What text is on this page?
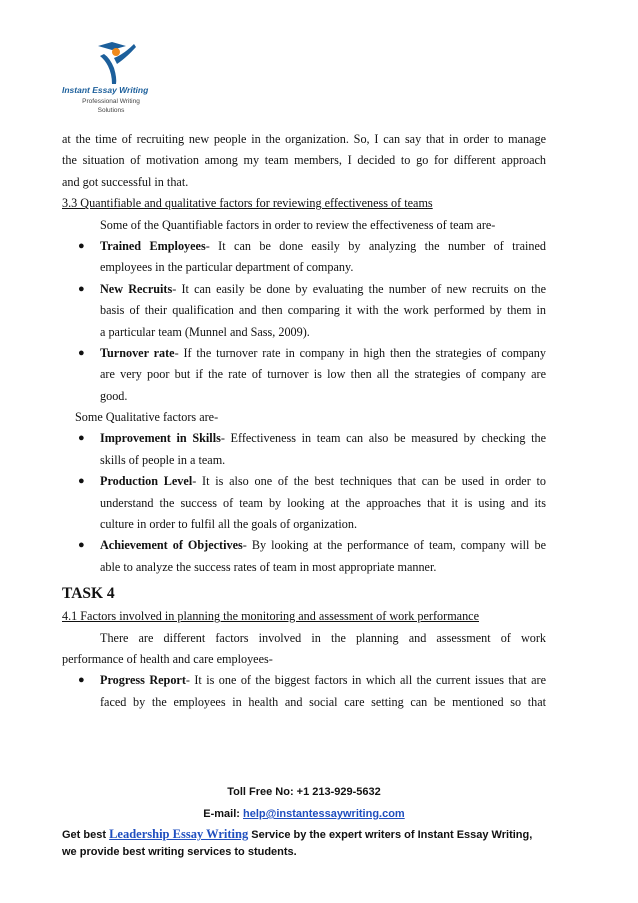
Instant Essay Writing
Professional Writing
Solutions
at the time of recruiting new people in the organization. So, I can say that in order to manage
the situation of motivation among my team members, I decided to go for different approach
and got successful in that.
3.3 Quantifiable and qualitative factors for reviewing effectiveness of teams
Some of the Quantifiable factors in order to review the effectiveness of team are-
● Trained Employees- It can be done easily by analyzing the number of trained
employees in the particular department of company.
● New Recruits- It can easily be done by evaluating the number of new recruits on the
basis of their qualification and then comparing it with the work performed by them in
a particular team (Munnel and Sass, 2009).
● Turnover rate- If the turnover rate in company in high then the strategies of company
are very poor but if the rate of turnover is low then all the strategies of company are
good.
Some Qualitative factors are-
● Improvement in Skills- Effectiveness in team can also be measured by checking the
skills of people in a team.
● Production Level- It is also one of the best techniques that can be used in order to
understand the success of team by looking at the approaches that it is using and its
culture in order to fulfil all the goals of organization.
● Achievement of Objectives- By looking at the performance of team, company will be
able to analyze the success rates of team in most appropriate manner.
TASK 4
4.1 Factors involved in planning the monitoring and assessment of work performance
There are different factors involved in the planning and assessment of work
performance of health and care employees-
● Progress Report- It is one of the biggest factors in which all the current issues that are
faced by the employees in health and social care setting can be mentioned so that
Toll Free No: +1 213-929-5632
E-mail: help@instantessaywriting.com
Get best Leadership Essay Writing Service by the expert writers of Instant Essay Writing,
we provide best writing services to students.
